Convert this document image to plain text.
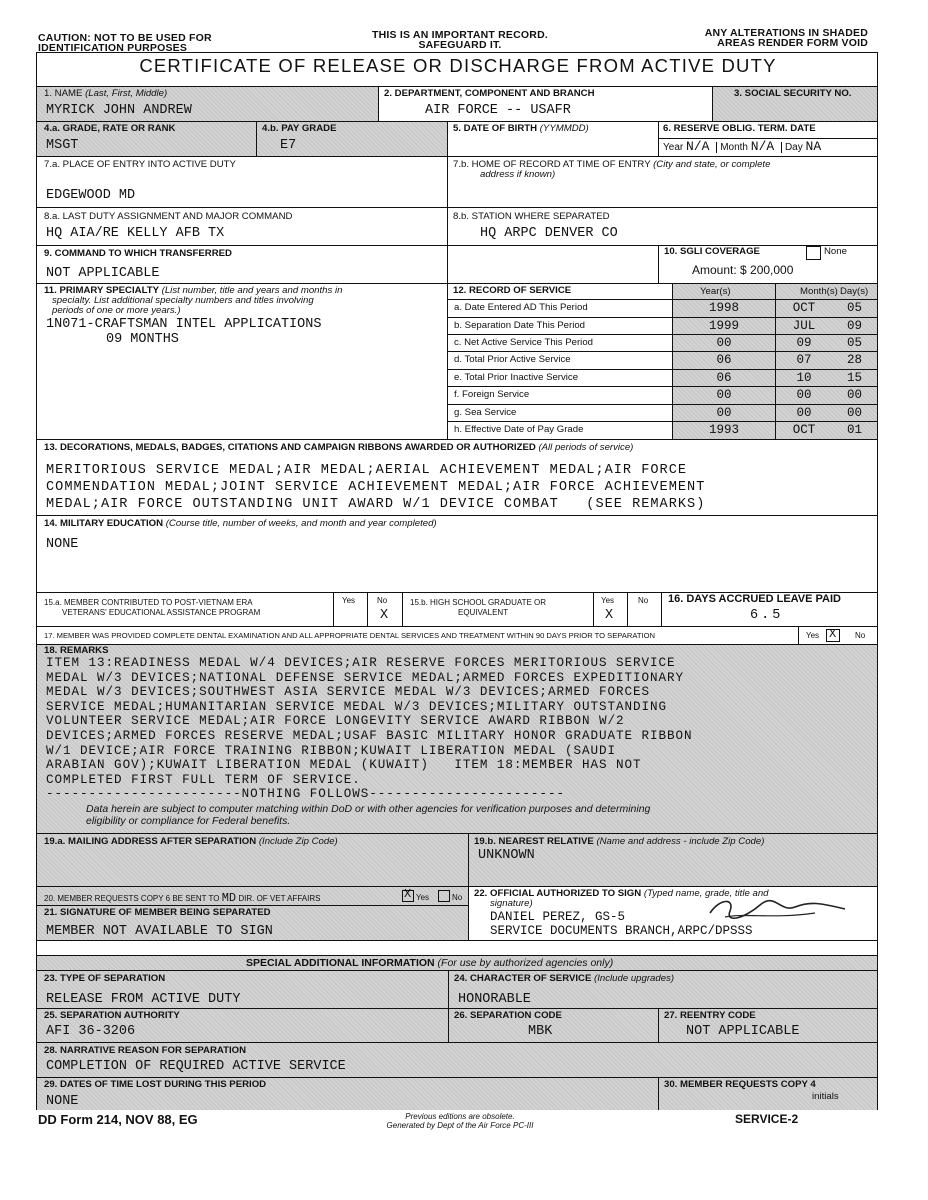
CAUTION: NOT TO BE USED FOR
IDENTIFICATION PURPOSES
THIS IS AN IMPORTANT RECORD.
SAFEGUARD IT.
ANY ALTERATIONS IN SHADED
AREAS RENDER FORM VOID
CERTIFICATE OF RELEASE OR DISCHARGE FROM ACTIVE DUTY
1. NAME (Last, First, Middle)
MYRICK JOHN ANDREW
2. DEPARTMENT, COMPONENT AND BRANCH
AIR FORCE -- USAFR
3. SOCIAL SECURITY NO.
4.a. GRADE, RATE OR RANK
MSGT
4.b. PAY GRADE
E7
5. DATE OF BIRTH (YYMMDD)	6. RESERVE OBLIG. TERM. DATE
Year N/A Month N/A Day NA
7.a. PLACE OF ENTRY INTO ACTIVE DUTY
EDGEWOOD MD
7.b. HOME OF RECORD AT TIME OF ENTRY (City and state, or complete
address if known)
8.a. LAST DUTY ASSIGNMENT AND MAJOR COMMAND
HQ AIA/RE KELLY AFB TX
8.b. STATION WHERE SEPARATED
HQ ARPC DENVER CO
9. COMMAND TO WHICH TRANSFERRED
NOT APPLICABLE
10. SGLI COVERAGE	None
Amount: $ 200,000
11. PRIMARY SPECIALTY (List number, title and years and months in
specialty. List additional specialty numbers and titles involving
periods of one or more years.)
1N071-CRAFTSMAN INTEL APPLICATIONS
09 MONTHS
12. RECORD OF SERVICE	Year(s)	Month(s) Day(s)
a. Date Entered AD This Period	1998	OCT	05
b. Separation Date This Period	1999	JUL	09
c. Net Active Service This Period	00	09	05
d. Total Prior Active Service	06	07	28
e. Total Prior Inactive Service	06	10	15
f. Foreign Service	00	00	00
g. Sea Service	00	00	00
h. Effective Date of Pay Grade	1993	OCT	01
13. DECORATIONS, MEDALS, BADGES, CITATIONS AND CAMPAIGN RIBBONS AWARDED OR AUTHORIZED (All periods of service)
MERITORIOUS SERVICE MEDAL;AIR MEDAL;AERIAL ACHIEVEMENT MEDAL;AIR FORCE
COMMENDATION MEDAL;JOINT SERVICE ACHIEVEMENT MEDAL;AIR FORCE ACHIEVEMENT
MEDAL;AIR FORCE OUTSTANDING UNIT AWARD W/1 DEVICE COMBAT   (SEE REMARKS)
14. MILITARY EDUCATION (Course title, number of weeks, and month and year completed)
NONE
15.a. MEMBER CONTRIBUTED TO POST-VIETNAM ERA
VETERANS' EDUCATIONAL ASSISTANCE PROGRAM
Yes	No
X
15.b. HIGH SCHOOL GRADUATE OR
EQUIVALENT
Yes	No
X
16. DAYS ACCRUED LEAVE PAID
6.5
17. MEMBER WAS PROVIDED COMPLETE DENTAL EXAMINATION AND ALL APPROPRIATE DENTAL SERVICES AND TREATMENT WITHIN 90 DAYS PRIOR TO SEPARATION	Yes X No
18. REMARKS
ITEM 13:READINESS MEDAL W/4 DEVICES;AIR RESERVE FORCES MERITORIOUS SERVICE
MEDAL W/3 DEVICES;NATIONAL DEFENSE SERVICE MEDAL;ARMED FORCES EXPEDITIONARY
MEDAL W/3 DEVICES;SOUTHWEST ASIA SERVICE MEDAL W/3 DEVICES;ARMED FORCES
SERVICE MEDAL;HUMANITARIAN SERVICE MEDAL W/3 DEVICES;MILITARY OUTSTANDING
VOLUNTEER SERVICE MEDAL;AIR FORCE LONGEVITY SERVICE AWARD RIBBON W/2
DEVICES;ARMED FORCES RESERVE MEDAL;USAF BASIC MILITARY HONOR GRADUATE RIBBON
W/1 DEVICE;AIR FORCE TRAINING RIBBON;KUWAIT LIBERATION MEDAL (SAUDI
ARABIAN GOV);KUWAIT LIBERATION MEDAL (KUWAIT)   ITEM 18:MEMBER HAS NOT
COMPLETED FIRST FULL TERM OF SERVICE.
-----------------------NOTHING FOLLOWS-----------------------
Data herein are subject to computer matching within DoD or with other agencies for verification purposes and determining
eligibility or compliance for Federal benefits.
19.a. MAILING ADDRESS AFTER SEPARATION (Include Zip Code)	19.b. NEAREST RELATIVE (Name and address - include Zip Code)
UNKNOWN
20. MEMBER REQUESTS COPY 6 BE SENT TO MD DIR. OF VET AFFAIRS	X Yes	No
21. SIGNATURE OF MEMBER BEING SEPARATED
MEMBER NOT AVAILABLE TO SIGN
22. OFFICIAL AUTHORIZED TO SIGN (Typed name, grade, title and
signature)
DANIEL PEREZ, GS-5
SERVICE DOCUMENTS BRANCH,ARPC/DPSSS
SPECIAL ADDITIONAL INFORMATION (For use by authorized agencies only)
23. TYPE OF SEPARATION
RELEASE FROM ACTIVE DUTY
24. CHARACTER OF SERVICE (Include upgrades)
HONORABLE
25. SEPARATION AUTHORITY
AFI 36-3206
26. SEPARATION CODE
MBK
27. REENTRY CODE
NOT APPLICABLE
28. NARRATIVE REASON FOR SEPARATION
COMPLETION OF REQUIRED ACTIVE SERVICE
29. DATES OF TIME LOST DURING THIS PERIOD
NONE
30. MEMBER REQUESTS COPY 4
initials
DD Form 214, NOV 88, EG	Previous editions are obsolete.
Generated by Dept of the Air Force PC-III	SERVICE-2
